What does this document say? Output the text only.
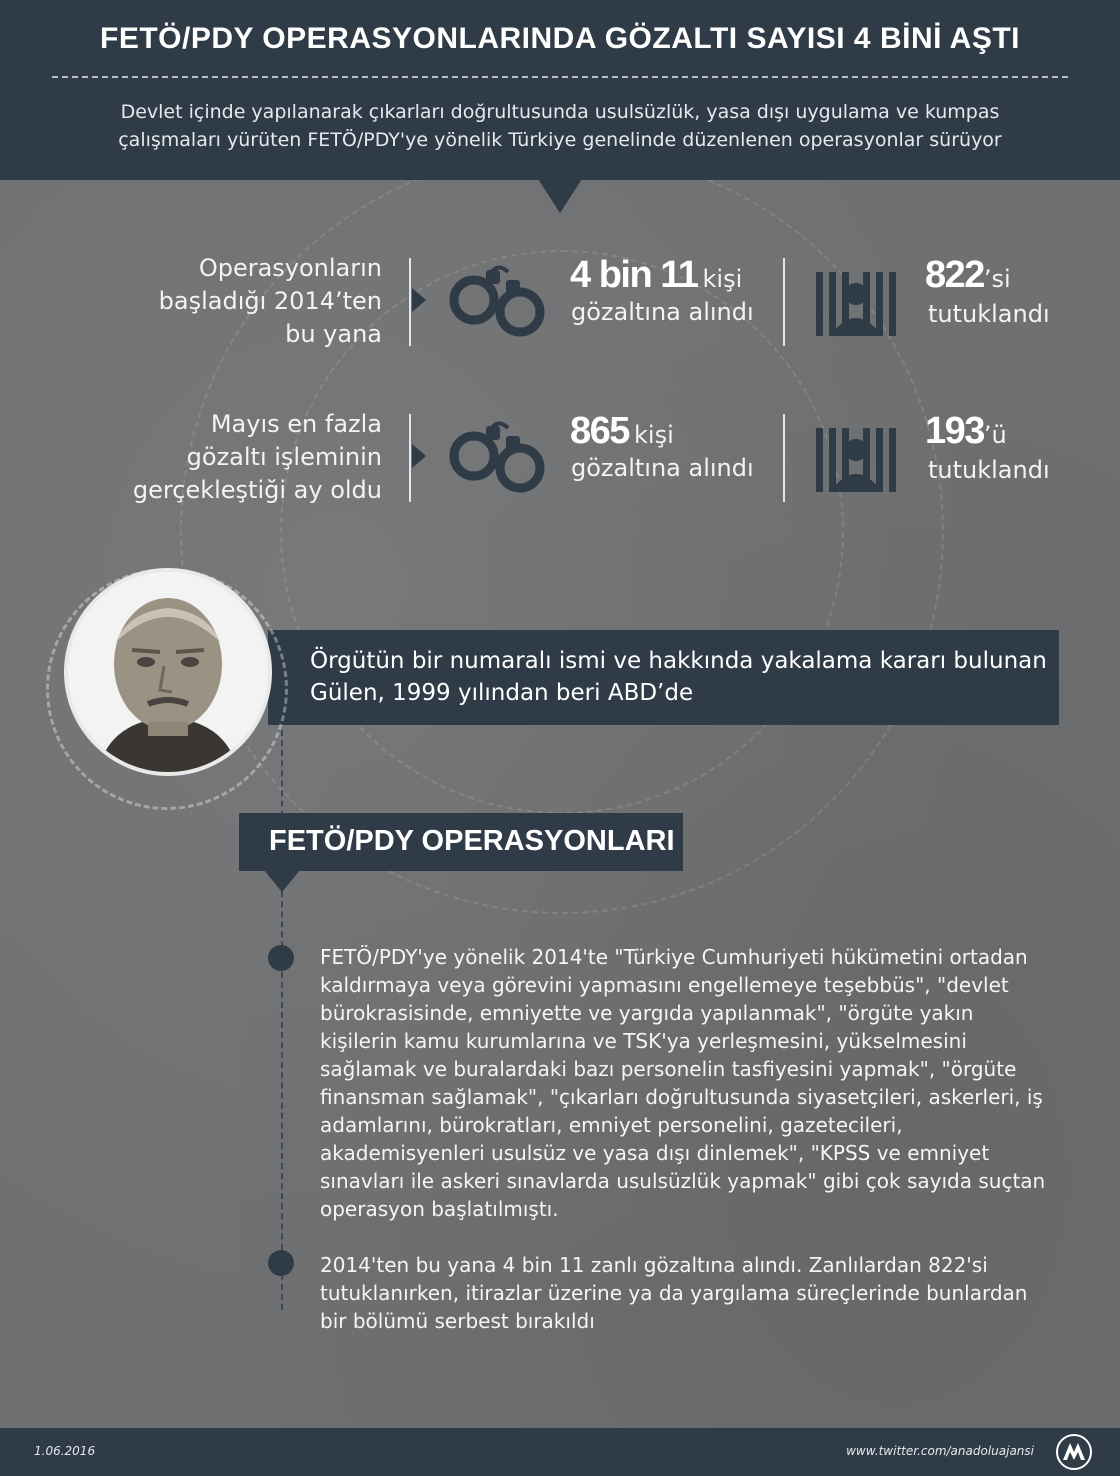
FETÖ/PDY OPERASYONLARINDA GÖZALTI SAYISI 4 BİNİ AŞTI
Devlet içinde yapılanarak çıkarları doğrultusunda usulsüzlük, yasa dışı uygulama ve kumpas
çalışmaları yürüten FETÖ/PDY'ye yönelik Türkiye genelinde düzenlenen operasyonlar sürüyor
Operasyonların
başladığı 2014’ten
bu yana
4 bin 11 kişi
gözaltına alındı
822’si
tutuklandı
Mayıs en fazla
gözaltı işleminin
gerçekleştiği ay oldu
865 kişi
gözaltına alındı
193’ü
tutuklandı
Örgütün bir numaralı ismi ve hakkında yakalama kararı bulunan
Gülen, 1999 yılından beri ABD’de
FETÖ/PDY OPERASYONLARI
FETÖ/PDY'ye yönelik 2014'te "Türkiye Cumhuriyeti hükümetini ortadan
kaldırmaya veya görevini yapmasını engellemeye teşebbüs", "devlet
bürokrasisinde, emniyette ve yargıda yapılanmak", "örgüte yakın
kişilerin kamu kurumlarına ve TSK'ya yerleşmesini, yükselmesini
sağlamak ve buralardaki bazı personelin tasfiyesini yapmak", "örgüte
finansman sağlamak", "çıkarları doğrultusunda siyasetçileri, askerleri, iş
adamlarını, bürokratları, emniyet personelini, gazetecileri,
akademisyenleri usulsüz ve yasa dışı dinlemek", "KPSS ve emniyet
sınavları ile askeri sınavlarda usulsüzlük yapmak" gibi çok sayıda suçtan
operasyon başlatılmıştı.
2014'ten bu yana 4 bin 11 zanlı gözaltına alındı. Zanlılardan 822'si
tutuklanırken, itirazlar üzerine ya da yargılama süreçlerinde bunlardan
bir bölümü serbest bırakıldı
1.06.2016	www.twitter.com/anadoluajansi
